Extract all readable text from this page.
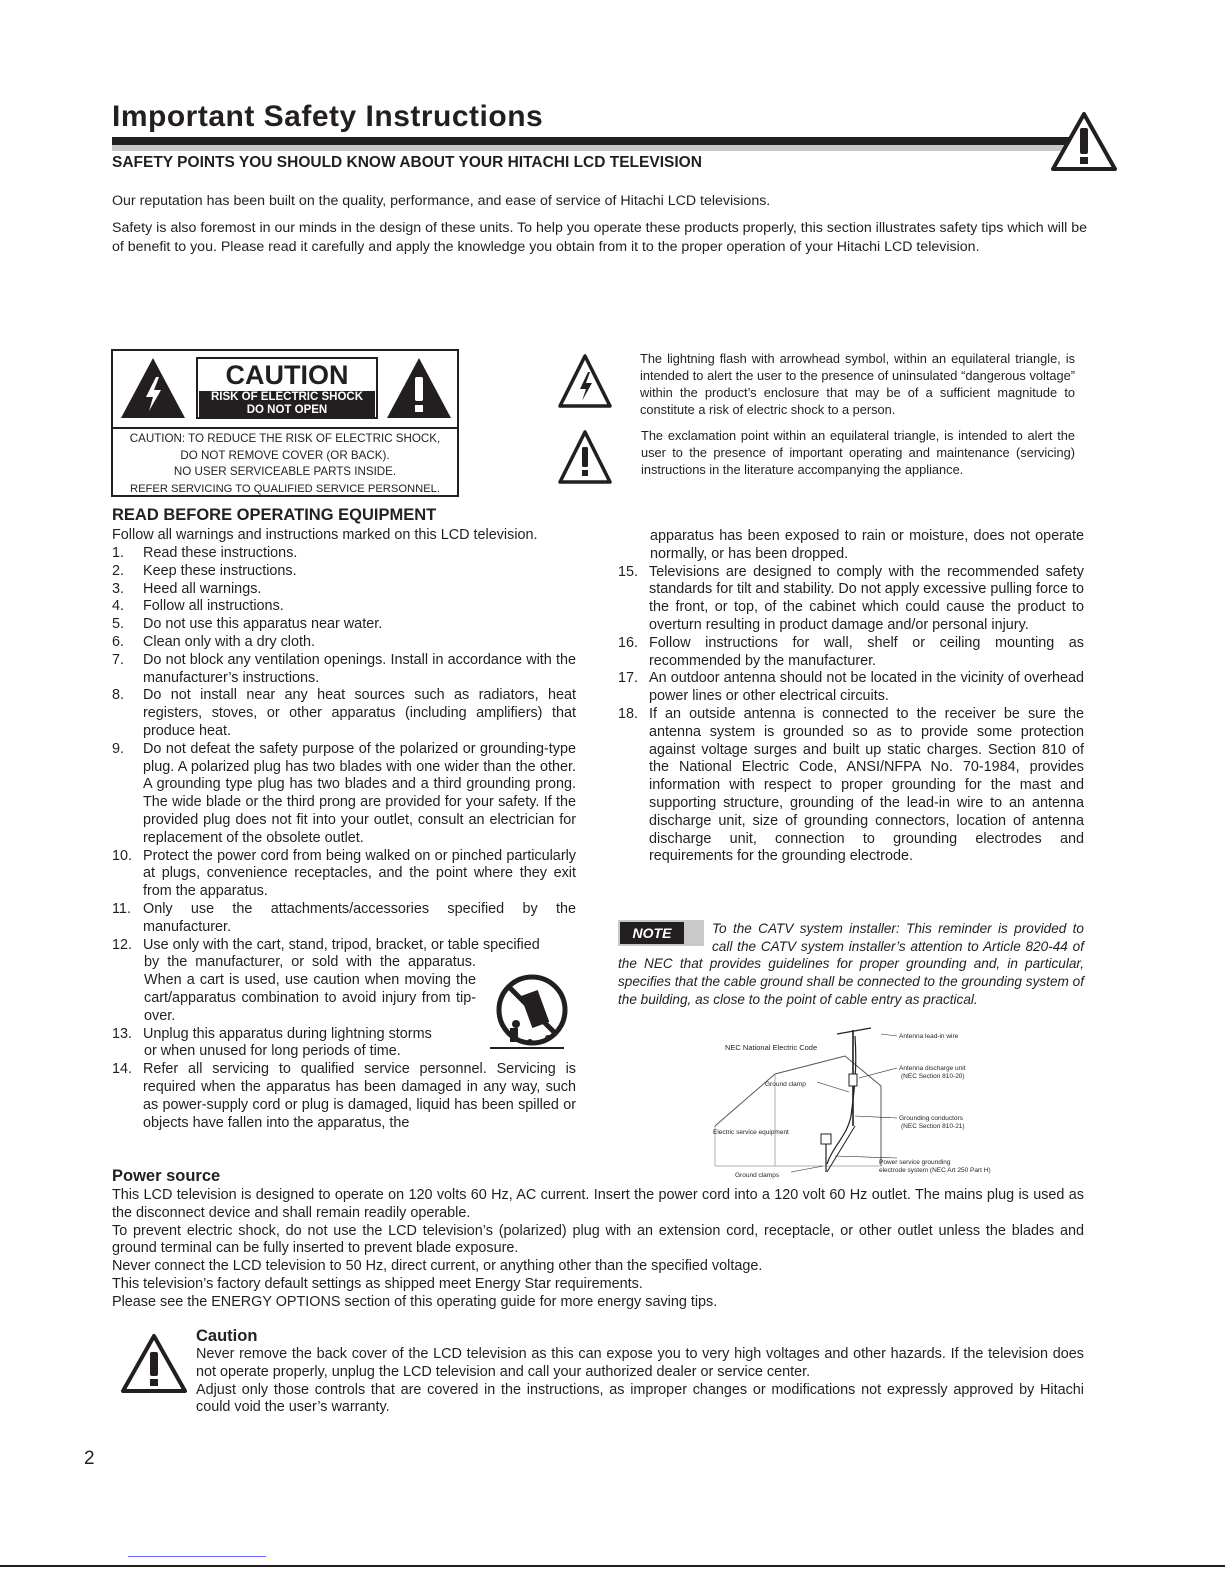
Important Safety Instructions
SAFETY POINTS YOU SHOULD KNOW ABOUT YOUR HITACHI LCD TELEVISION
Our reputation has been built on the quality, performance, and ease of service of Hitachi LCD televisions.
Safety is also foremost in our minds in the design of these units. To help you operate these products properly, this section illustrates safety tips which will be of benefit to you. Please read it carefully and apply the knowledge you obtain from it to the proper operation of your Hitachi LCD television.
CAUTION
RISK OF ELECTRIC SHOCK
DO NOT OPEN
CAUTION: TO REDUCE THE RISK OF ELECTRIC SHOCK,
DO NOT REMOVE COVER (OR BACK).
NO USER SERVICEABLE PARTS INSIDE.
REFER SERVICING TO QUALIFIED SERVICE PERSONNEL.
The lightning flash with arrowhead symbol, within an equilateral triangle, is intended to alert the user to the presence of uninsulated “dangerous voltage” within the product’s enclosure that may be of a sufficient magnitude to constitute a risk of electric shock to a person.
The exclamation point within an equilateral triangle, is intended to alert the user to the presence of important operating and maintenance (servicing) instructions in the literature accompanying the appliance.
READ BEFORE OPERATING EQUIPMENT
Follow all warnings and instructions marked on this LCD television.
1.	Read these instructions.
2.	Keep these instructions.
3.	Heed all warnings.
4.	Follow all instructions.
5.	Do not use this apparatus near water.
6.	Clean only with a dry cloth.
7.	Do not block any ventilation openings. Install in accordance with the manufacturer’s instructions.
8.	Do not install near any heat sources such as radiators, heat registers, stoves, or other apparatus (including amplifiers) that produce heat.
9.	Do not defeat the safety purpose of the polarized or grounding-type plug. A polarized plug has two blades with one wider than the other. A grounding type plug has two blades and a third grounding prong. The wide blade or the third prong are provided for your safety. If the provided plug does not fit into your outlet, consult an electrician for replacement of the obsolete outlet.
10. Protect the power cord from being walked on or pinched particularly at plugs, convenience receptacles, and the point where they exit from the apparatus.
11. Only use the attachments/accessories specified by the manufacturer.
12. Use only with the cart, stand, tripod, bracket, or table specified
by the manufacturer, or sold with the apparatus. When a cart is used, use caution when moving the cart/apparatus combination to avoid injury from tip-over.
13. Unplug this apparatus during lightning storms
or when unused for long periods of time.
14. Refer all servicing to qualified service personnel. Servicing is required when the apparatus has been damaged in any way, such as power-supply cord or plug is damaged, liquid has been spilled or objects have fallen into the apparatus, the
apparatus has been exposed to rain or moisture, does not operate normally, or has been dropped.
15. Televisions are designed to comply with the recommended safety standards for tilt and stability. Do not apply excessive pulling force to the front, or top, of the cabinet which could cause the product to overturn resulting in product damage and/or personal injury.
16. Follow instructions for wall, shelf or ceiling mounting as recommended by the manufacturer.
17. An outdoor antenna should not be located in the vicinity of overhead power lines or other electrical circuits.
18. If an outside antenna is connected to the receiver be sure the antenna system is grounded so as to provide some protection against voltage surges and built up static charges. Section 810 of the National Electric Code, ANSI/NFPA No. 70-1984, provides information with respect to proper grounding for the mast and supporting structure, grounding of the lead-in wire to an antenna discharge unit, size of grounding connectors, location of antenna discharge unit, connection to grounding electrodes and requirements for the grounding electrode.
NOTE	To the CATV system installer: This reminder is provided to call the CATV system installer’s attention to Article 820-44 of the NEC that provides guidelines for proper grounding and, in particular, specifies that the cable ground shall be connected to the grounding system of the building, as close to the point of cable entry as practical.
NEC National Electric Code
Antenna lead-in wire
Ground clamp
Antenna discharge unit
(NEC Section 810-20)
Electric service equipment
Grounding conductors
(NEC Section 810-21)
Power service grounding
electrode system (NEC Art 250 Part H)
Ground clamps
Power source
This LCD television is designed to operate on 120 volts 60 Hz, AC current. Insert the power cord into a 120 volt 60 Hz outlet. The mains plug is used as the disconnect device and shall remain readily operable.
To prevent electric shock, do not use the LCD television’s (polarized) plug with an extension cord, receptacle, or other outlet unless the blades and ground terminal can be fully inserted to prevent blade exposure.
Never connect the LCD television to 50 Hz, direct current, or anything other than the specified voltage.
This television’s factory default settings as shipped meet Energy Star requirements.
Please see the ENERGY OPTIONS section of this operating guide for more energy saving tips.
Caution
Never remove the back cover of the LCD television as this can expose you to very high voltages and other hazards. If the television does not operate properly, unplug the LCD television and call your authorized dealer or service center.
Adjust only those controls that are covered in the instructions, as improper changes or modifications not expressly approved by Hitachi could void the user’s warranty.
2
